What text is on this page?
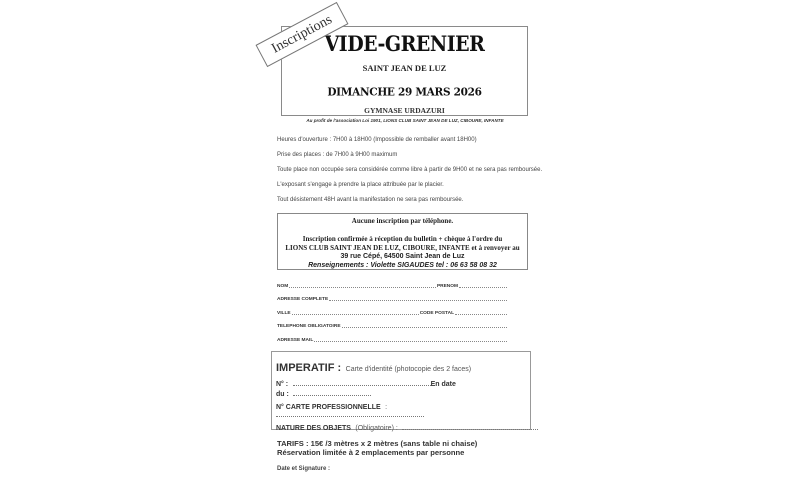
VIDE-GRENIER
SAINT JEAN DE LUZ
DIMANCHE 29 MARS 2026
GYMNASE URDAZURI
Au profit de l'association Loi 1901, LIONS CLUB SAINT JEAN DE LUZ, CIBOURE, INFANTE
Inscriptions
Heures d'ouverture : 7H00 à 18H00 (Impossible de remballer avant 18H00)
Prise des places : de 7H00 à 9H00 maximum
Toute place non occupée sera considérée comme libre à partir de 9H00 et ne sera pas remboursée.
L'exposant s'engage à prendre la place attribuée par le placier.
Tout désistement 48H avant la manifestation ne sera pas remboursée.
Aucune inscription par téléphone.
Inscription confirmée à réception du bulletin + chèque à l'ordre du
LIONS CLUB SAINT JEAN DE LUZ, CIBOURE, INFANTE et à renvoyer au
39 rue Cépé, 64500 Saint Jean de Luz
Renseignements : Violette SIGAUDES tel : 06 63 58 08 32
NOM	PRENOM
ADRESSE COMPLETE
VILLE	CODE POSTAL
TELEPHONE OBLIGATOIRE
ADRESSE MAIL
IMPERATIF : Carte d'identité (photocopie des 2 faces)
N° :	En date
du :
N° CARTE PROFESSIONNELLE :
NATURE DES OBJETS (Obligatoire) :
TARIFS : 15€ /3 mètres x 2 mètres (sans table ni chaise)
Réservation limitée à 2 emplacements par personne
Date et Signature :
